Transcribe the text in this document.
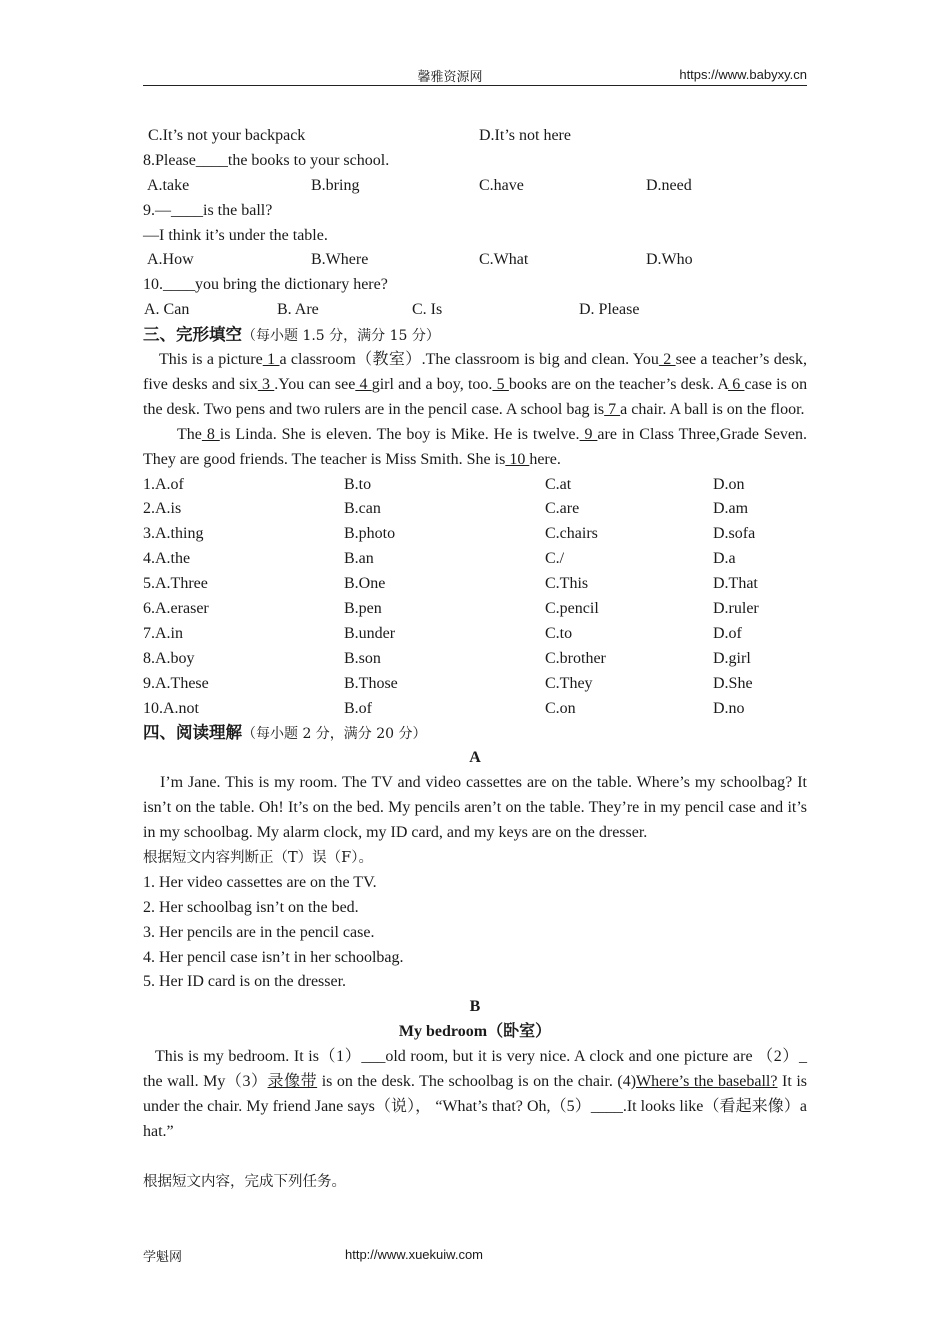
馨雅资源网	https://www.babyxy.cn
C.It’s not your backpack	D.It’s not here
8.Please____the books to your school.
A.take	B.bring	C.have	D.need
9.—____is the ball?
—I think it’s under the table.
A.How	B.Where	C.What	D.Who
10.____you bring the dictionary here?
A. Can	B. Are	C. Is	D. Please
三、完形填空（每小题 1.5 分，满分 15 分）
This is a picture 1 a classroom（教室）.The classroom is big and clean. You 2 see a teacher’s desk, five desks and six 3 .You can see 4 girl and a boy, too. 5 books are on the teacher’s desk. A 6 case is on the desk. Two pens and two rulers are in the pencil case. A school bag is 7 a chair. A ball is on the floor.
The 8 is Linda. She is eleven. The boy is Mike. He is twelve. 9 are in Class Three,Grade Seven. They are good friends. The teacher is Miss Smith. She is 10 here.
1.A.of	B.to	C.at	D.on
2.A.is	B.can	C.are	D.am
3.A.thing	B.photo	C.chairs	D.sofa
4.A.the	B.an	C./	D.a
5.A.Three	B.One	C.This	D.That
6.A.eraser	B.pen	C.pencil	D.ruler
7.A.in	B.under	C.to	D.of
8.A.boy	B.son	C.brother	D.girl
9.A.These	B.Those	C.They	D.She
10.A.not	B.of	C.on	D.no
四、阅读理解（每小题 2 分，满分 20 分）
A
I’m Jane. This is my room. The TV and video cassettes are on the table. Where’s my schoolbag? It isn’t on the table. Oh! It’s on the bed. My pencils aren’t on the table. They’re in my pencil case and it’s in my schoolbag. My alarm clock, my ID card, and my keys are on the dresser.
根据短文内容判断正（T）误（F）。
1. Her video cassettes are on the TV.
2. Her schoolbag isn’t on the bed.
3. Her pencils are in the pencil case.
4. Her pencil case isn’t in her schoolbag.
5. Her ID card is on the dresser.
B
My bedroom（卧室）
This is my bedroom. It is（1）___old room, but it is very nice. A clock and one picture are （2）_ the wall. My（3）录像带 is on the desk. The schoolbag is on the chair. (4)Where’s the baseball? It is under the chair. My friend Jane says（说）， “What’s that? Oh,（5）____.It looks like（看起来像）a hat.”
根据短文内容，完成下列任务。
学魁网	http://www.xuekuiw.com
